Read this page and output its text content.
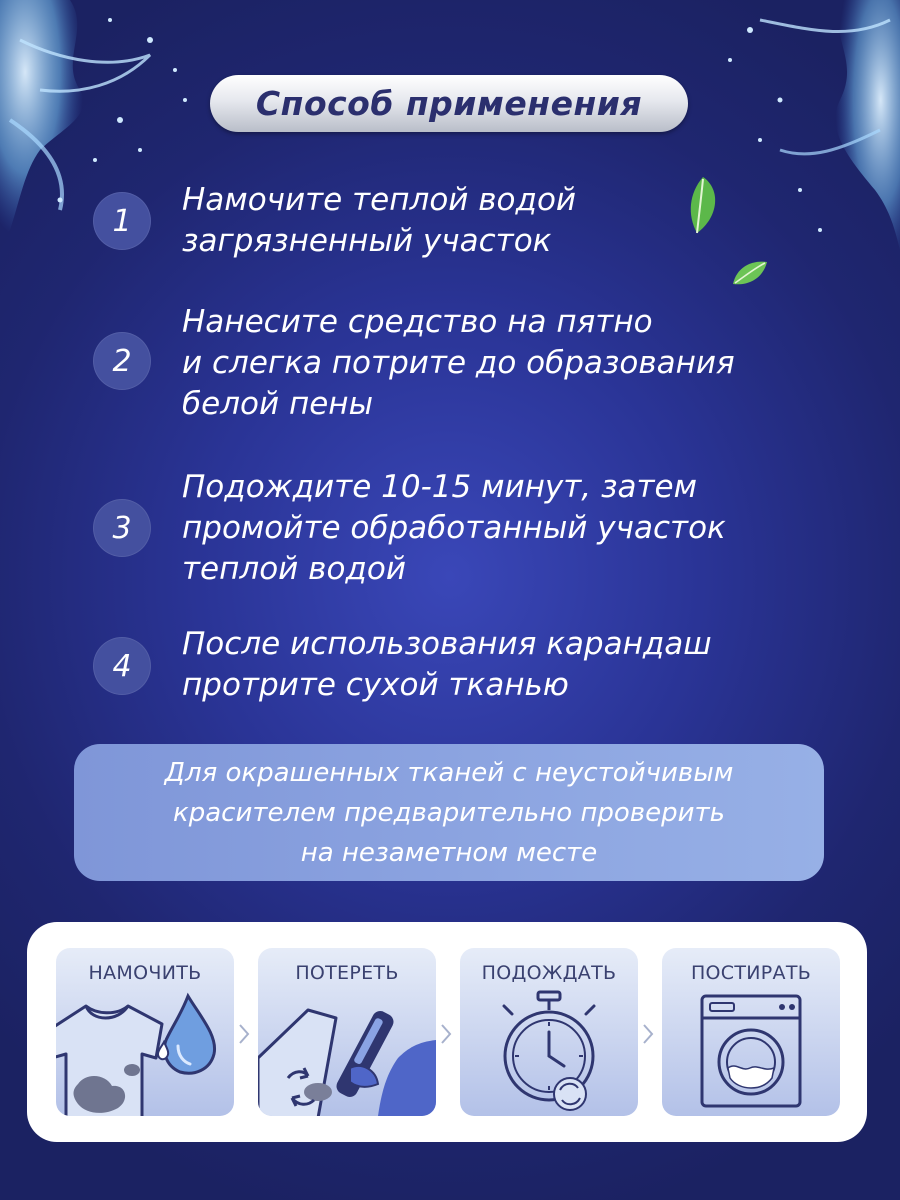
Способ применения
1
Намочите теплой водой
загрязненный участок
2
Нанесите средство на пятно
и слегка потрите до образования
белой пены
3
Подождите 10-15 минут, затем
промойте обработанный участок
теплой водой
4
После использования карандаш
протрите сухой тканью
Для окрашенных тканей с неустойчивым
красителем предварительно проверить
на незаметном месте
НАМОЧИТЬ	ПОТЕРЕТЬ	ПОДОЖДАТЬ	ПОСТИРАТЬ
